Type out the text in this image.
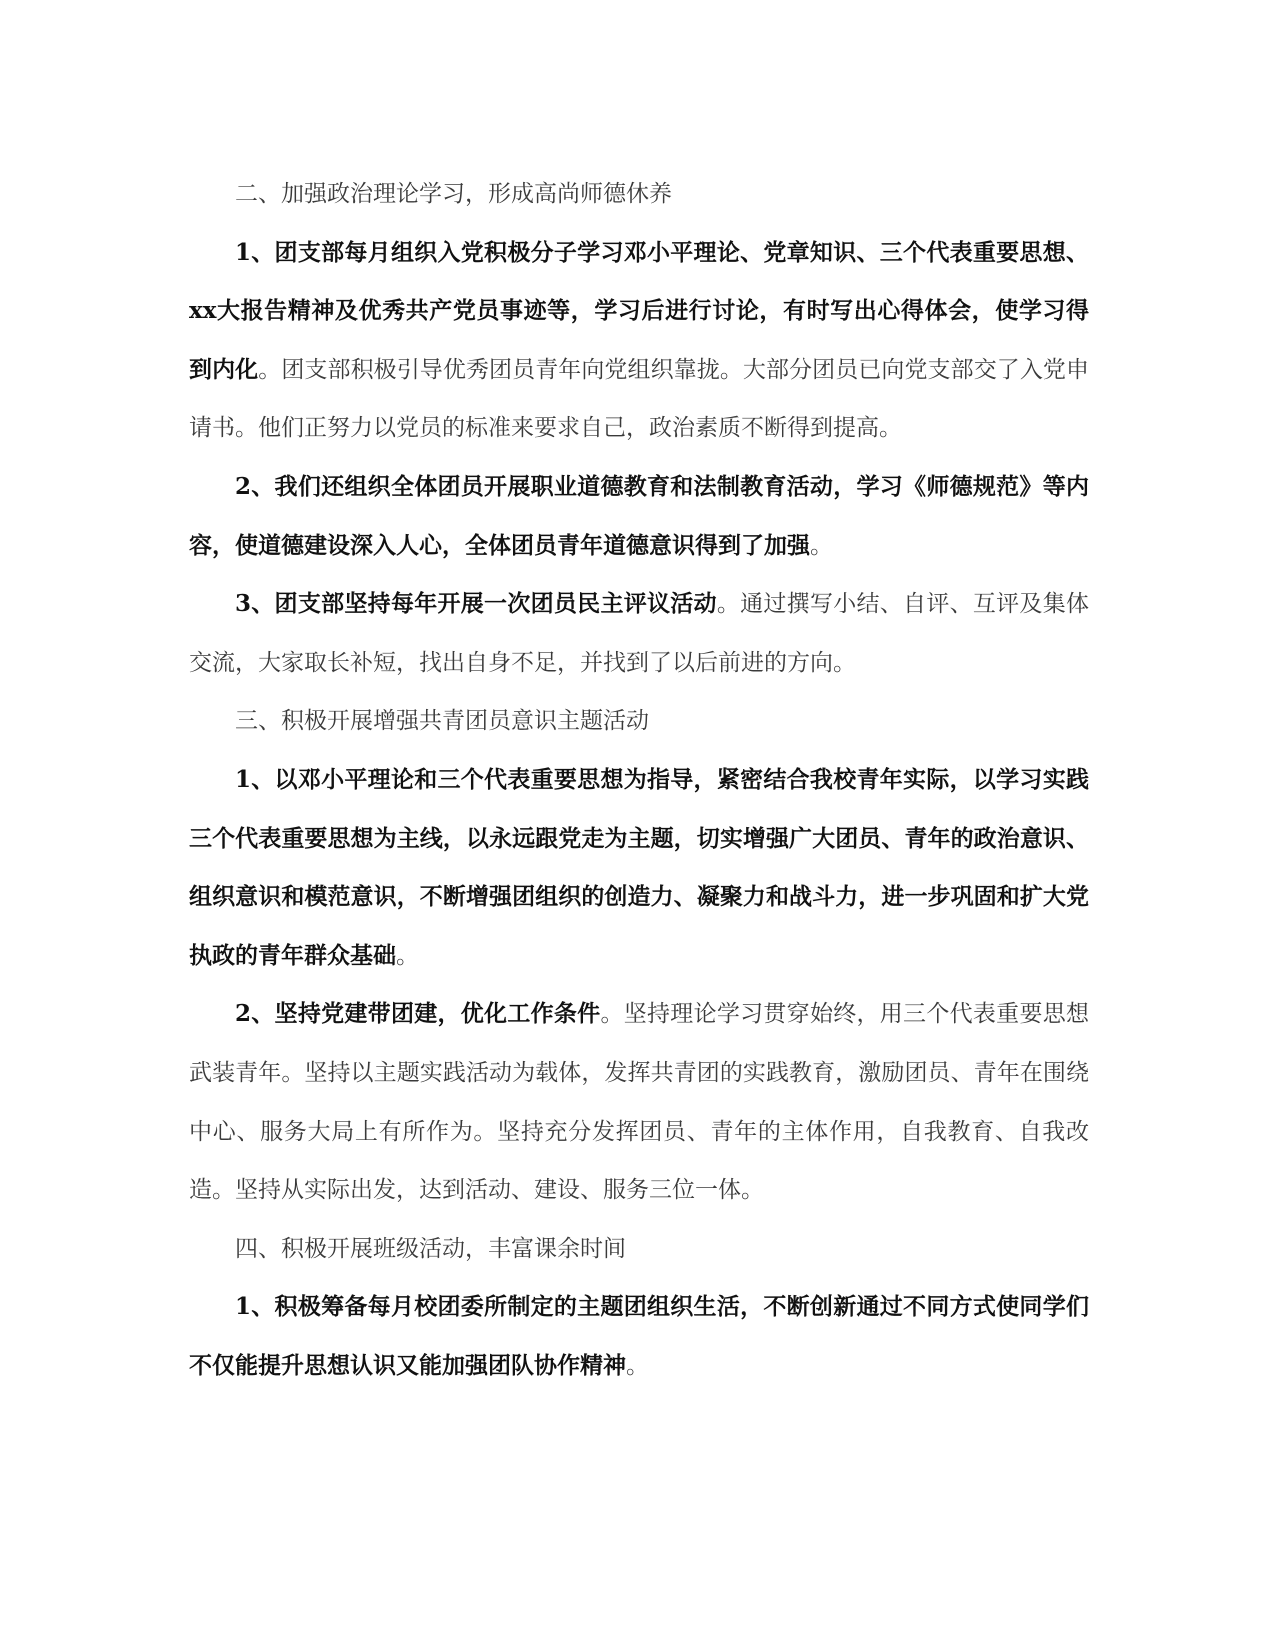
二、加强政治理论学习，形成高尚师德休养

1、团支部每月组织入党积极分子学习邓小平理论、党章知识、三个代表重要思想、xx大报告精神及优秀共产党员事迹等，学习后进行讨论，有时写出心得体会，使学习得到内化。团支部积极引导优秀团员青年向党组织靠拢。大部分团员已向党支部交了入党申请书。他们正努力以党员的标准来要求自己，政治素质不断得到提高。

2、我们还组织全体团员开展职业道德教育和法制教育活动，学习《师德规范》等内容，使道德建设深入人心，全体团员青年道德意识得到了加强。

3、团支部坚持每年开展一次团员民主评议活动。通过撰写小结、自评、互评及集体交流，大家取长补短，找出自身不足，并找到了以后前进的方向。

三、积极开展增强共青团员意识主题活动

1、以邓小平理论和三个代表重要思想为指导，紧密结合我校青年实际，以学习实践三个代表重要思想为主线，以永远跟党走为主题，切实增强广大团员、青年的政治意识、组织意识和模范意识，不断增强团组织的创造力、凝聚力和战斗力，进一步巩固和扩大党执政的青年群众基础。

2、坚持党建带团建，优化工作条件。坚持理论学习贯穿始终，用三个代表重要思想武装青年。坚持以主题实践活动为载体，发挥共青团的实践教育，激励团员、青年在围绕中心、服务大局上有所作为。坚持充分发挥团员、青年的主体作用，自我教育、自我改造。坚持从实际出发，达到活动、建设、服务三位一体。

四、积极开展班级活动，丰富课余时间

1、积极筹备每月校团委所制定的主题团组织生活，不断创新通过不同方式使同学们不仅能提升思想认识又能加强团队协作精神。
